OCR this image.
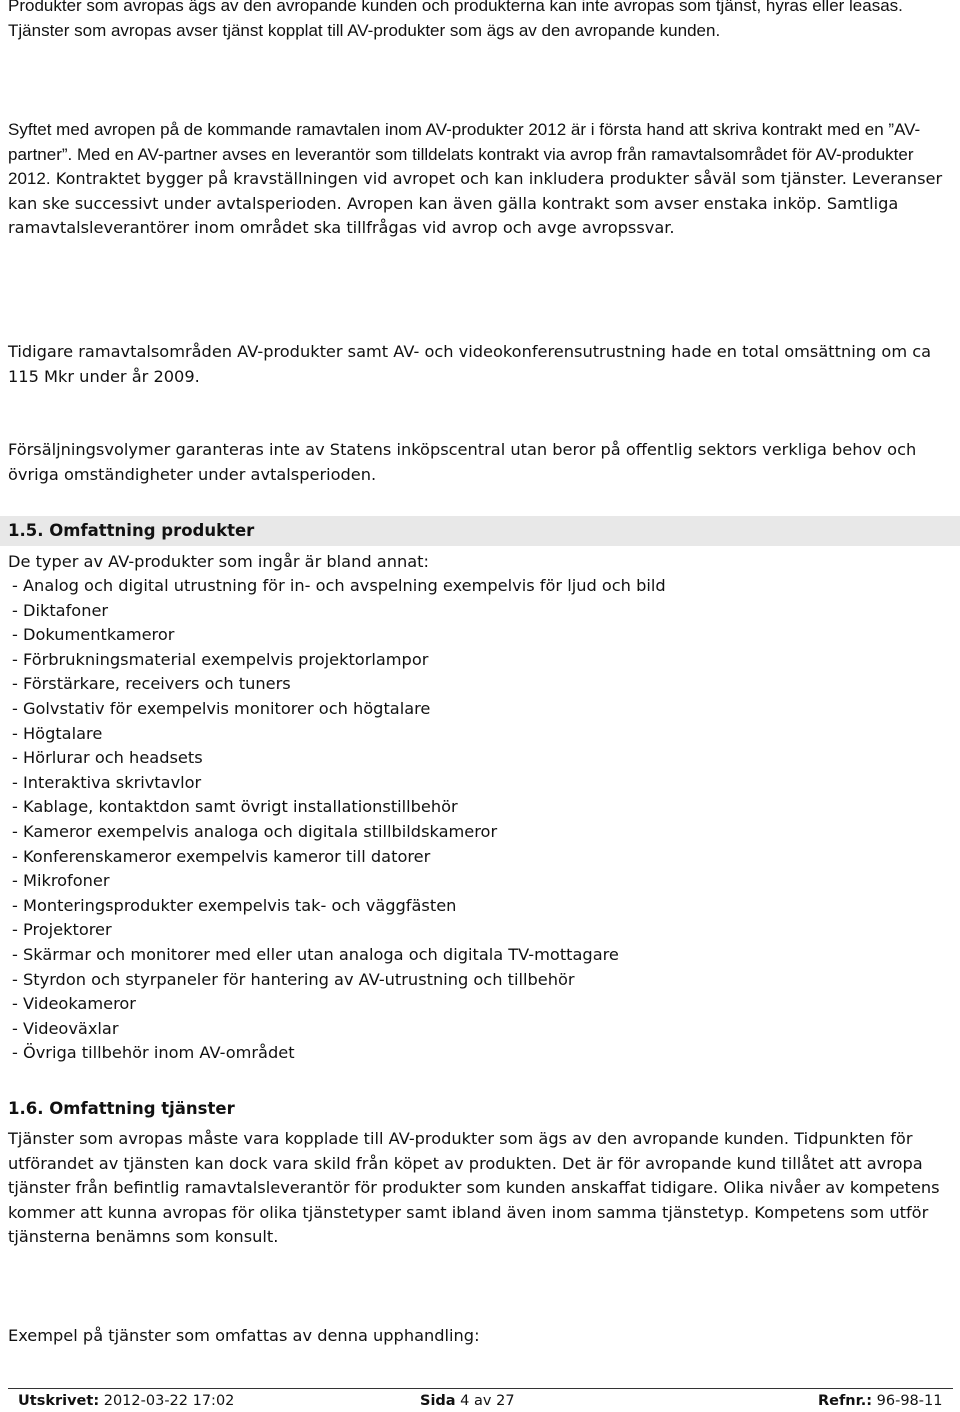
Produkter som avropas ägs av den avropande kunden och produkterna kan inte avropas som tjänst, hyras eller leasas. Tjänster som avropas avser tjänst kopplat till AV-produkter som ägs av den avropande kunden.

Syftet med avropen på de kommande ramavtalen inom AV-produkter 2012 är i första hand att skriva kontrakt med en ”AV-partner”. Med en AV-partner avses en leverantör som tilldelats kontrakt via avrop från ramavtalsområdet för AV-produkter 2012. Kontraktet bygger på kravställningen vid avropet och kan inkludera produkter såväl som tjänster. Leveranser kan ske successivt under avtalsperioden. Avropen kan även gälla kontrakt som avser enstaka inköp. Samtliga ramavtalsleverantörer inom området ska tillfrågas vid avrop och avge avropssvar.

Tidigare ramavtalsområden AV-produkter samt AV- och videokonferensutrustning hade en total omsättning om ca 115 Mkr under år 2009.

Försäljningsvolymer garanteras inte av Statens inköpscentral utan beror på offentlig sektors verkliga behov och övriga omständigheter under avtalsperioden.

1.5. Omfattning produkter

De typer av AV-produkter som ingår är bland annat:

- Analog och digital utrustning för in- och avspelning exempelvis för ljud och bild
- Diktafoner
- Dokumentkameror
- Förbrukningsmaterial exempelvis projektorlampor
- Förstärkare, receivers och tuners
- Golvstativ för exempelvis monitorer och högtalare
- Högtalare
- Hörlurar och headsets
- Interaktiva skrivtavlor
- Kablage, kontaktdon samt övrigt installationstillbehör
- Kameror exempelvis analoga och digitala stillbildskameror
- Konferenskameror exempelvis kameror till datorer
- Mikrofoner
- Monteringsprodukter exempelvis tak- och väggfästen
- Projektorer
- Skärmar och monitorer med eller utan analoga och digitala TV-mottagare
- Styrdon och styrpaneler för hantering av AV-utrustning och tillbehör
- Videokameror
- Videoväxlar
- Övriga tillbehör inom AV-området
1.6. Omfattning tjänster

Tjänster som avropas måste vara kopplade till AV-produkter som ägs av den avropande kunden. Tidpunkten för utförandet av tjänsten kan dock vara skild från köpet av produkten. Det är för avropande kund tillåtet att avropa tjänster från befintlig ramavtalsleverantör för produkter som kunden anskaffat tidigare. Olika nivåer av kompetens kommer att kunna avropas för olika tjänstetyper samt ibland även inom samma tjänstetyp. Kompetens som utför tjänsterna benämns som konsult.

Exempel på tjänster som omfattas av denna upphandling:

Utskrivet: 2012-03-22 17:02	Sida 4 av 27	Refnr.: 96-98-11
